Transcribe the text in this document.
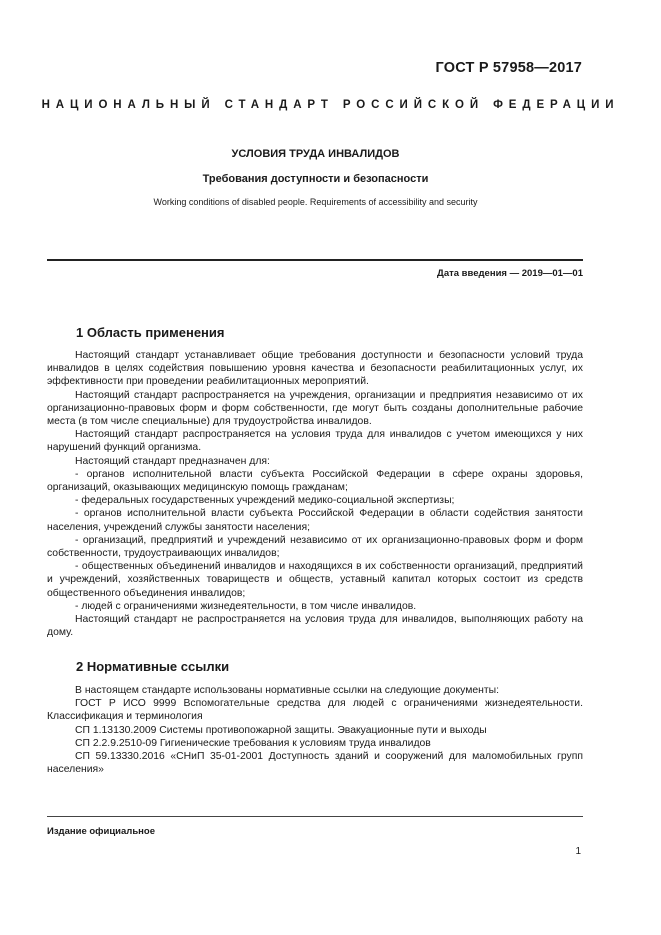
ГОСТ Р 57958—2017
НАЦИОНАЛЬНЫЙ СТАНДАРТ РОССИЙСКОЙ ФЕДЕРАЦИИ
УСЛОВИЯ ТРУДА ИНВАЛИДОВ
Требования доступности и безопасности
Working conditions of disabled people. Requirements of accessibility and security
Дата введения — 2019—01—01
1 Область применения

Настоящий стандарт устанавливает общие требования доступности и безопасности условий труда инвалидов в целях содействия повышению уровня качества и безопасности реабилитационных услуг, их эффективности при проведении реабилитационных мероприятий.

Настоящий стандарт распространяется на учреждения, организации и предприятия независимо от их организационно-правовых форм и форм собственности, где могут быть созданы дополнительные рабочие места (в том числе специальные) для трудоустройства инвалидов.

Настоящий стандарт распространяется на условия труда для инвалидов с учетом имеющихся у них нарушений функций организма.

Настоящий стандарт предназначен для:

- органов исполнительной власти субъекта Российской Федерации в сфере охраны здоровья, организаций, оказывающих медицинскую помощь гражданам;

- федеральных государственных учреждений медико-социальной экспертизы;

- органов исполнительной власти субъекта Российской Федерации в области содействия занятости населения, учреждений службы занятости населения;

- организаций, предприятий и учреждений независимо от их организационно-правовых форм и форм собственности, трудоустраивающих инвалидов;

- общественных объединений инвалидов и находящихся в их собственности организаций, предприятий и учреждений, хозяйственных товариществ и обществ, уставный капитал которых состоит из средств общественного объединения инвалидов;

- людей с ограничениями жизнедеятельности, в том числе инвалидов.

Настоящий стандарт не распространяется на условия труда для инвалидов, выполняющих работу на дому.

2 Нормативные ссылки

В настоящем стандарте использованы нормативные ссылки на следующие документы:

ГОСТ Р ИСО 9999 Вспомогательные средства для людей с ограничениями жизнедеятельности. Классификация и терминология

СП 1.13130.2009 Системы противопожарной защиты. Эвакуационные пути и выходы

СП 2.2.9.2510-09 Гигиенические требования к условиям труда инвалидов

СП 59.13330.2016 «СНиП 35-01-2001 Доступность зданий и сооружений для маломобильных групп населения»

Издание официальное
1
